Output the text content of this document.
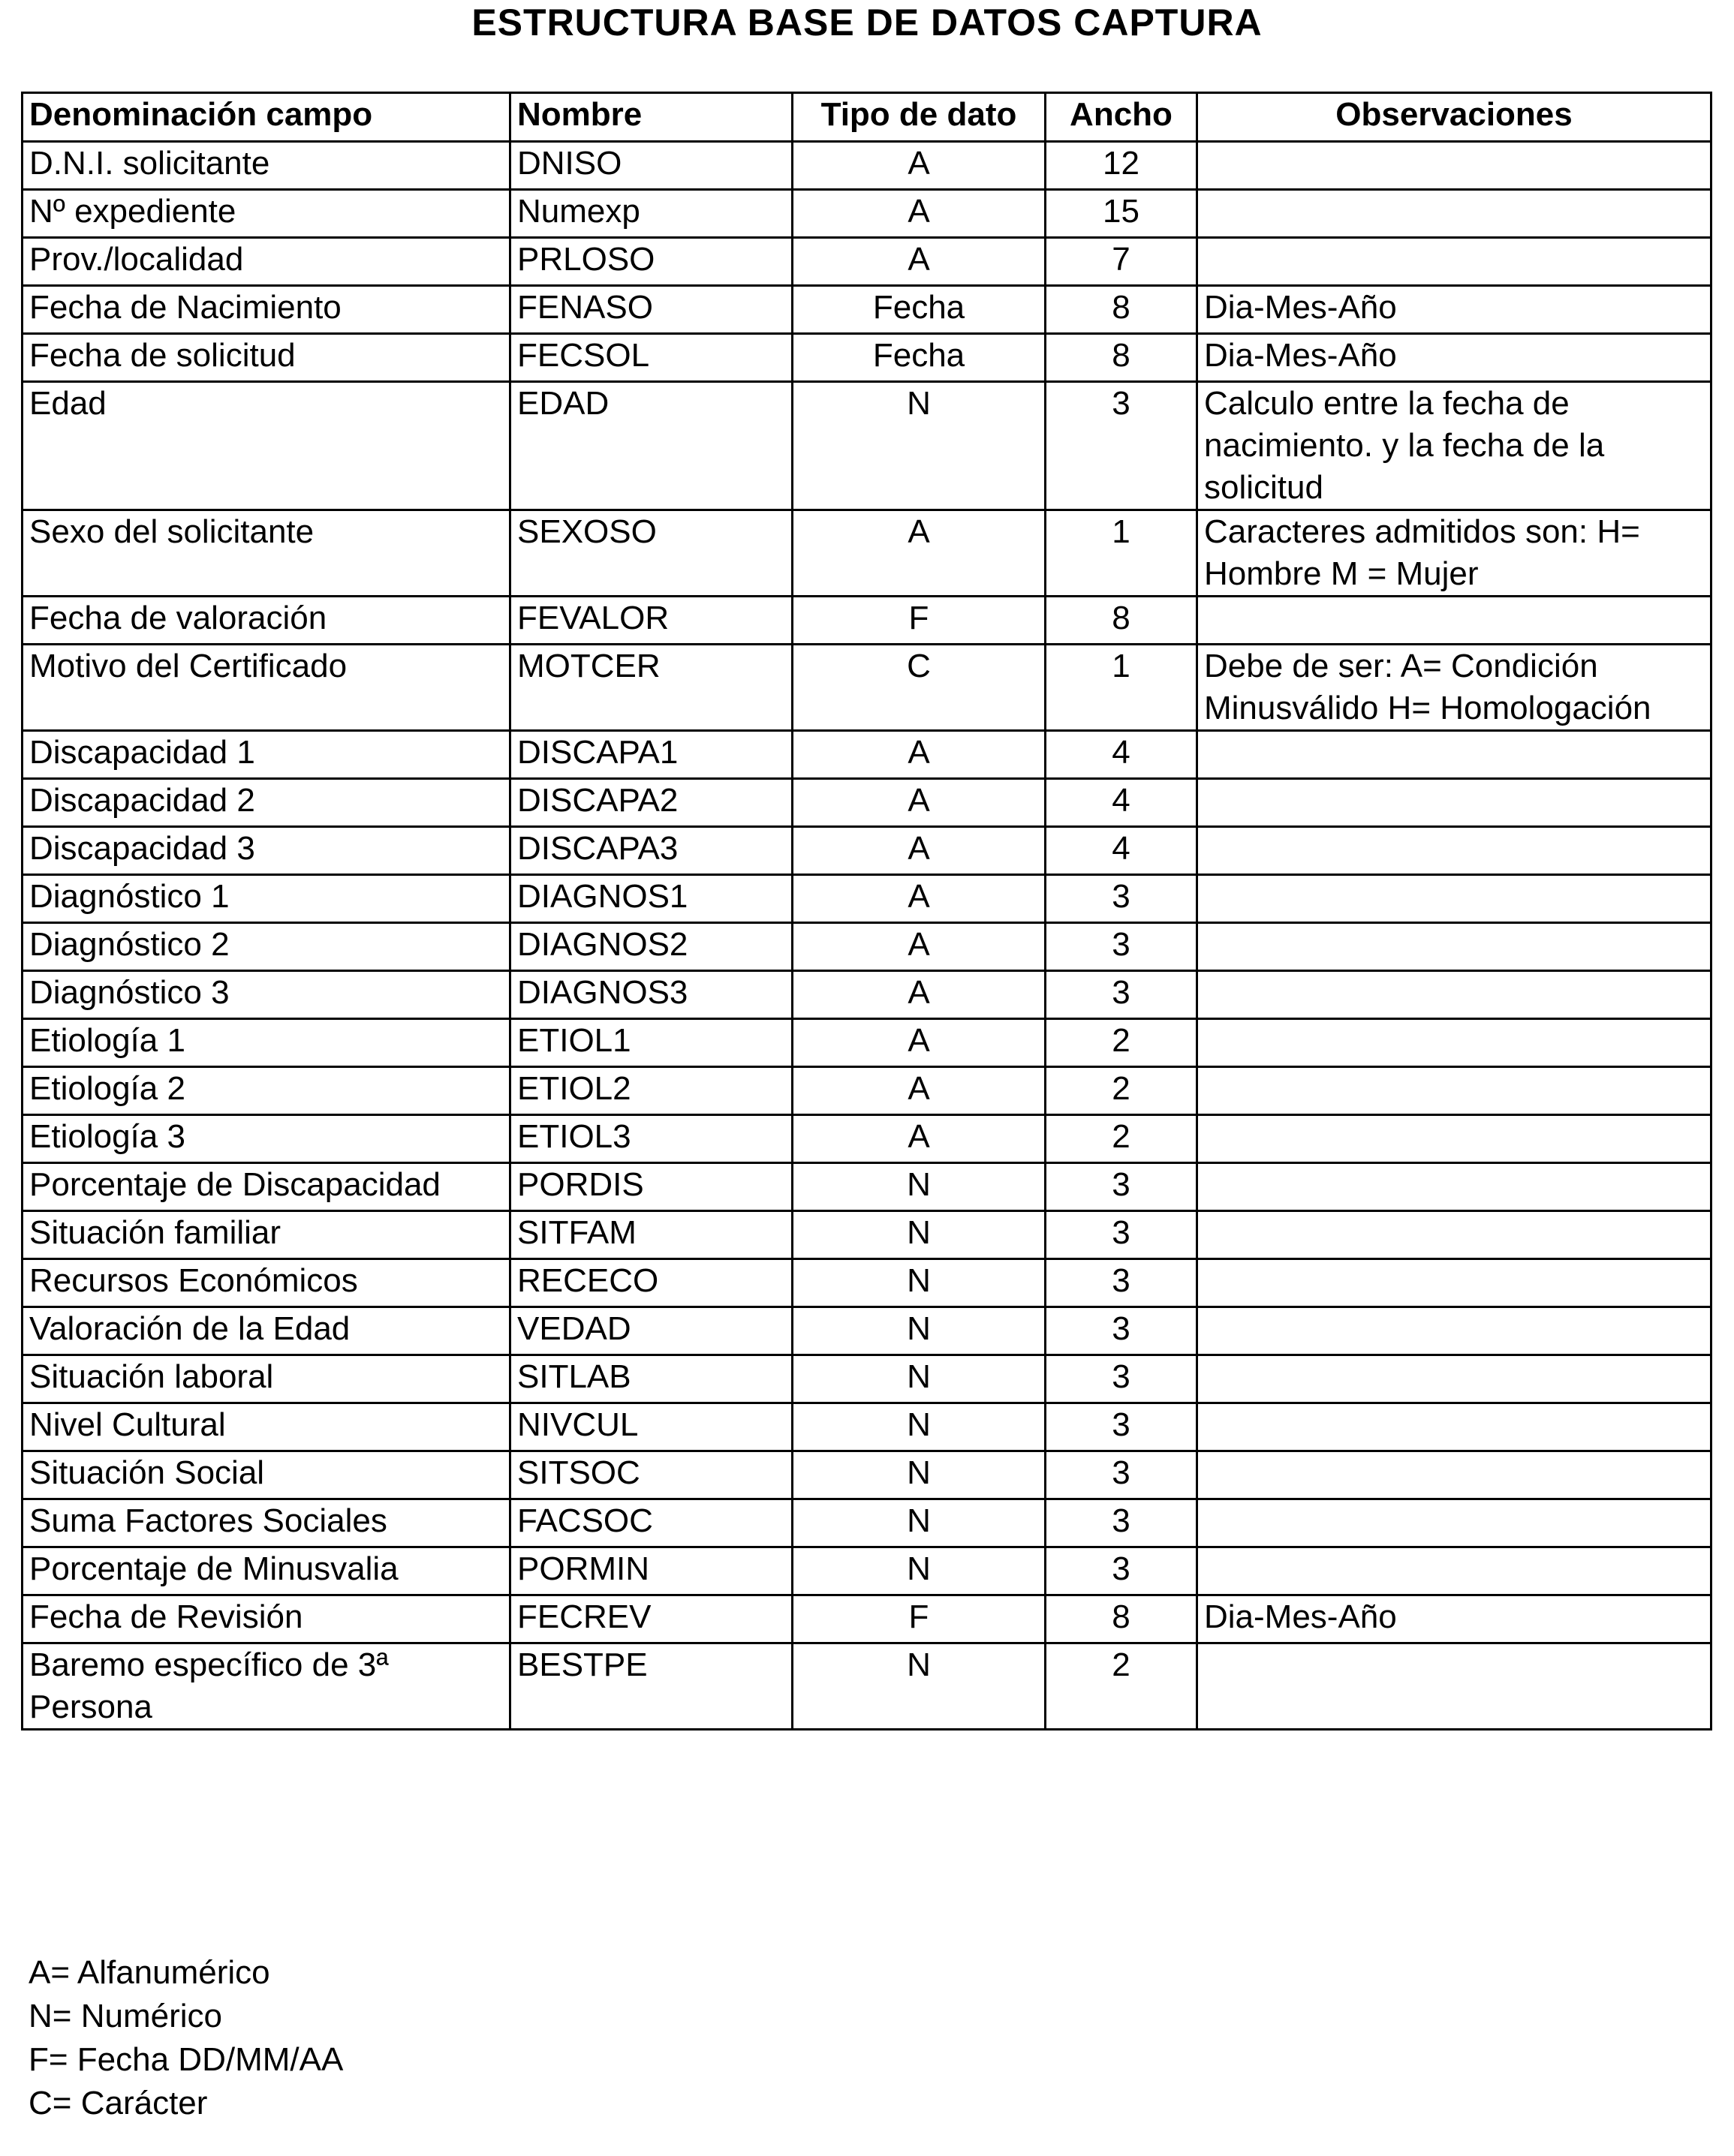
ESTRUCTURA BASE DE DATOS CAPTURA
Denominación campo	Nombre	Tipo de dato	Ancho	Observaciones
D.N.I. solicitante	DNISO	A	12	
Nº expediente	Numexp	A	15	
Prov./localidad	PRLOSO	A	7	
Fecha de Nacimiento	FENASO	Fecha	8	Dia-Mes-Año
Fecha de solicitud	FECSOL	Fecha	8	Dia-Mes-Año
Edad	EDAD	N	3	Calculo entre la fecha de nacimiento. y la fecha de la solicitud
Sexo del solicitante	SEXOSO	A	1	Caracteres admitidos son: H= Hombre M = Mujer
Fecha de valoración	FEVALOR	F	8	
Motivo del Certificado	MOTCER	C	1	Debe de ser: A= Condición Minusválido H= Homologación
Discapacidad 1	DISCAPA1	A	4	
Discapacidad 2	DISCAPA2	A	4	
Discapacidad 3	DISCAPA3	A	4	
Diagnóstico 1	DIAGNOS1	A	3	
Diagnóstico 2	DIAGNOS2	A	3	
Diagnóstico 3	DIAGNOS3	A	3	
Etiología 1	ETIOL1	A	2	
Etiología 2	ETIOL2	A	2	
Etiología 3	ETIOL3	A	2	
Porcentaje de Discapacidad	PORDIS	N	3	
Situación familiar	SITFAM	N	3	
Recursos Económicos	RECECO	N	3	
Valoración de la Edad	VEDAD	N	3	
Situación laboral	SITLAB	N	3	
Nivel Cultural	NIVCUL	N	3	
Situación Social	SITSOC	N	3	
Suma Factores Sociales	FACSOC	N	3	
Porcentaje de Minusvalia	PORMIN	N	3	
Fecha de Revisión	FECREV	F	8	Dia-Mes-Año
Baremo específico de 3ª Persona	BESTPE	N	2	
A= Alfanumérico
N= Numérico
F= Fecha DD/MM/AA
C= Carácter
